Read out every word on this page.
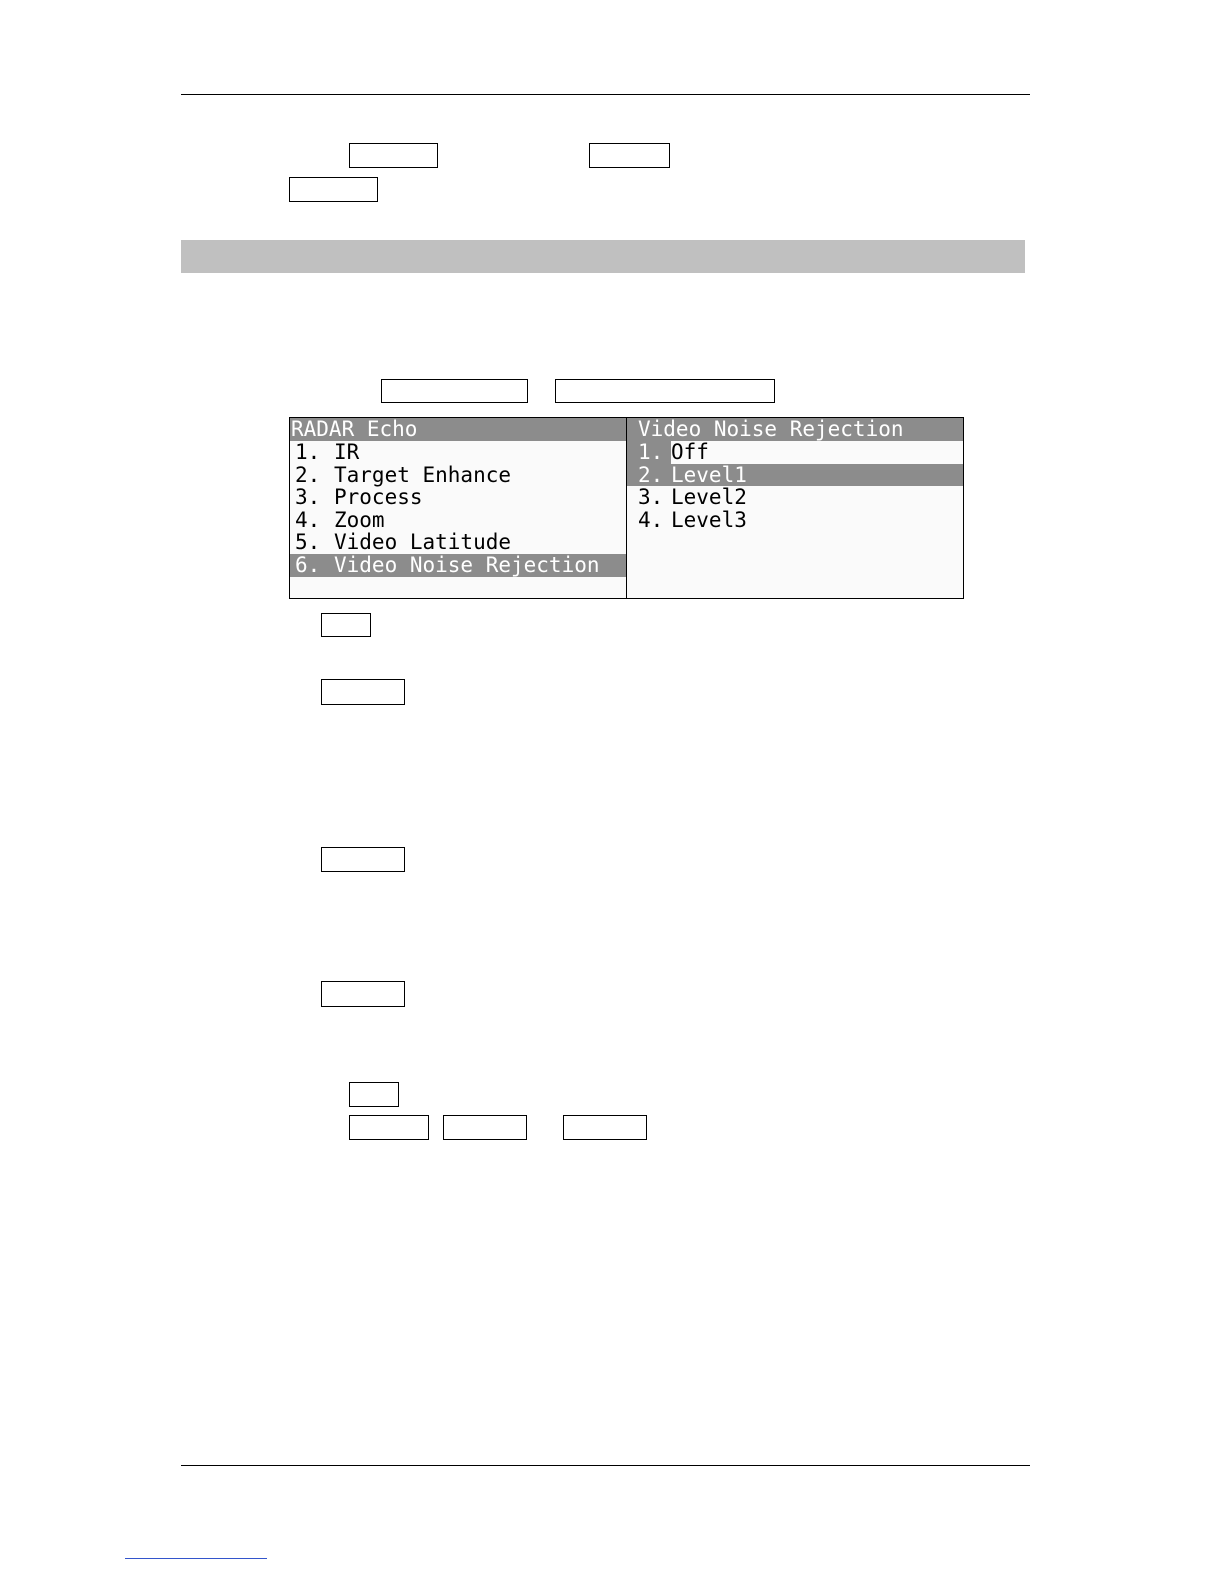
RADAR Echo
1. IR
2. Target Enhance
3. Process
4. Zoom
5. Video Latitude
6. Video Noise Rejection
Video Noise Rejection
1. Off
2. Level1
3. Level2
4. Level3
